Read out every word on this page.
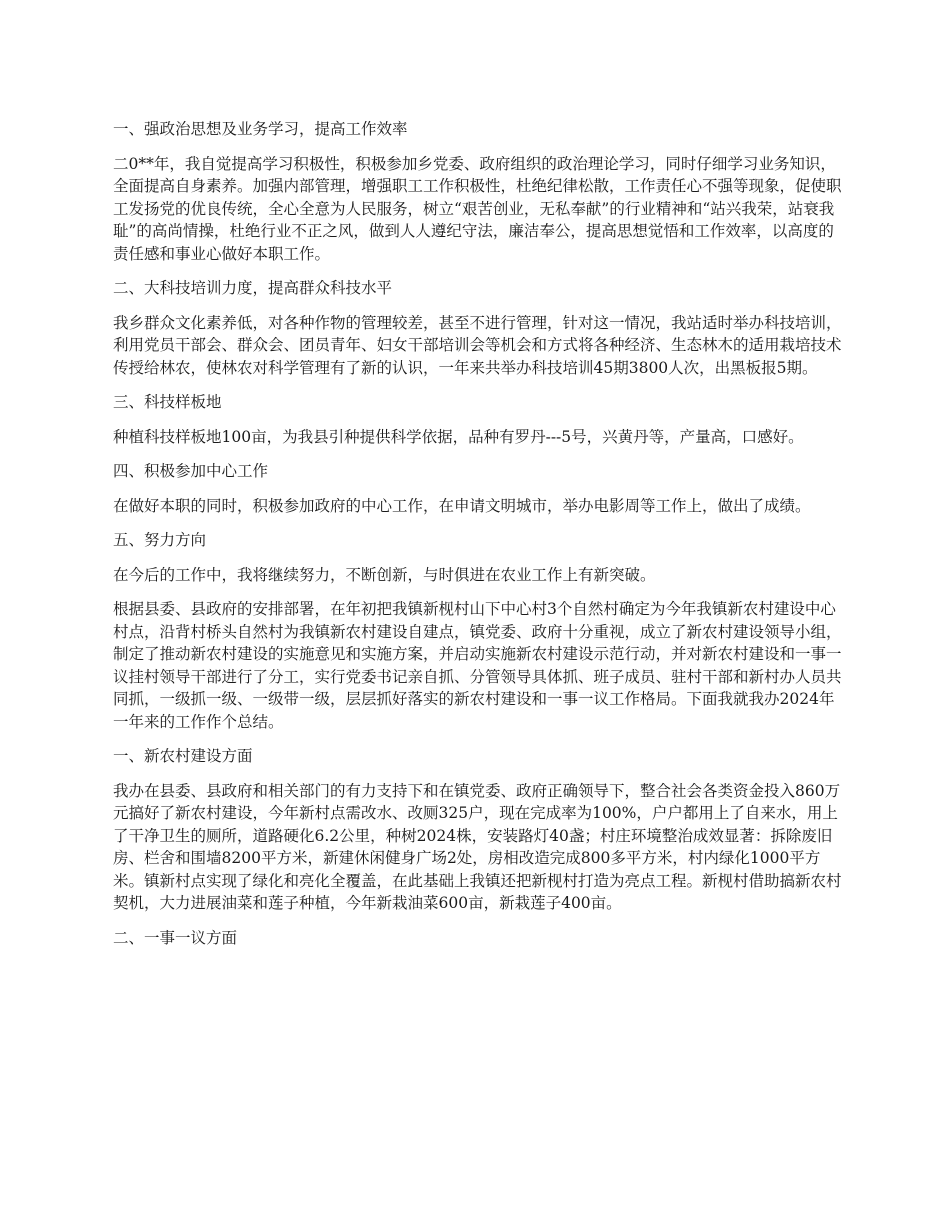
一、强政治思想及业务学习，提高工作效率

二0**年，我自觉提高学习积极性，积极参加乡党委、政府组织的政治理论学习，同时仔细学习业务知识，全面提高自身素养。加强内部管理，增强职工工作积极性，杜绝纪律松散，工作责任心不强等现象，促使职工发扬党的优良传统，全心全意为人民服务，树立“艰苦创业，无私奉献”的行业精神和“站兴我荣，站衰我耻”的高尚情操，杜绝行业不正之风，做到人人遵纪守法，廉洁奉公，提高思想觉悟和工作效率，以高度的责任感和事业心做好本职工作。

二、大科技培训力度，提高群众科技水平

我乡群众文化素养低，对各种作物的管理较差，甚至不进行管理，针对这一情况，我站适时举办科技培训，利用党员干部会、群众会、团员青年、妇女干部培训会等机会和方式将各种经济、生态林木的适用栽培技术传授给林农，使林农对科学管理有了新的认识，一年来共举办科技培训45期3800人次，出黑板报5期。

三、科技样板地

种植科技样板地100亩，为我县引种提供科学依据，品种有罗丹---5号，兴黄丹等，产量高，口感好。

四、积极参加中心工作

在做好本职的同时，积极参加政府的中心工作，在申请文明城市，举办电影周等工作上，做出了成绩。

五、努力方向

在今后的工作中，我将继续努力，不断创新，与时俱进在农业工作上有新突破。

根据县委、县政府的安排部署，在年初把我镇新枧村山下中心村3个自然村确定为今年我镇新农村建设中心村点，沿背村桥头自然村为我镇新农村建设自建点，镇党委、政府十分重视，成立了新农村建设领导小组，制定了推动新农村建设的实施意见和实施方案，并启动实施新农村建设示范行动，并对新农村建设和一事一议挂村领导干部进行了分工，实行党委书记亲自抓、分管领导具体抓、班子成员、驻村干部和新村办人员共同抓，一级抓一级、一级带一级，层层抓好落实的新农村建设和一事一议工作格局。下面我就我办2024年一年来的工作作个总结。

一、新农村建设方面

我办在县委、县政府和相关部门的有力支持下和在镇党委、政府正确领导下，整合社会各类资金投入860万元搞好了新农村建设，今年新村点需改水、改厕325户，现在完成率为100%，户户都用上了自来水，用上了干净卫生的厕所，道路硬化6.2公里，种树2024株，安装路灯40盏；村庄环境整治成效显著：拆除废旧房、栏舍和围墙8200平方米，新建休闲健身广场2处，房相改造完成800多平方米，村内绿化1000平方米。镇新村点实现了绿化和亮化全覆盖，在此基础上我镇还把新枧村打造为亮点工程。新枧村借助搞新农村契机，大力进展油菜和莲子种植，今年新栽油菜600亩，新栽莲子400亩。

二、一事一议方面
